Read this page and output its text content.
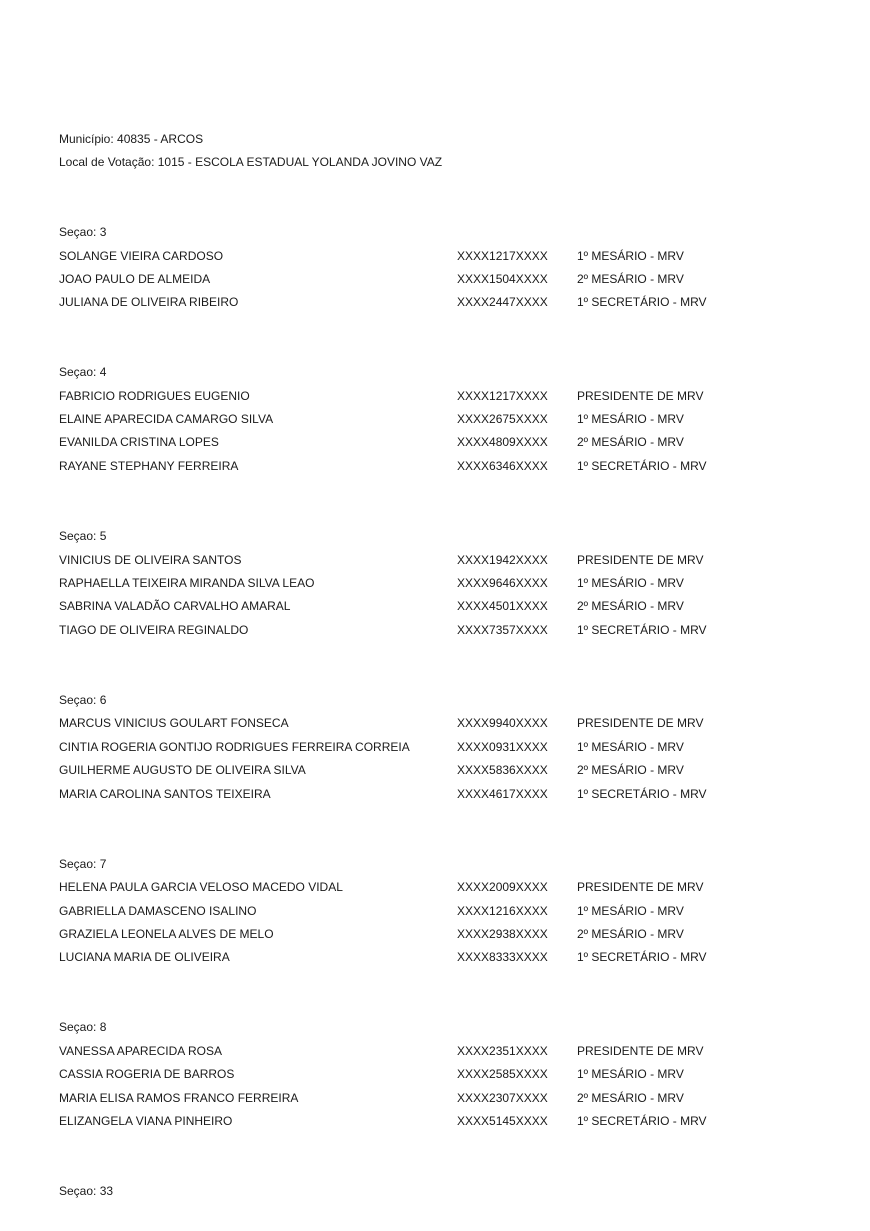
Município: 40835 - ARCOS
Local de Votação: 1015 - ESCOLA ESTADUAL YOLANDA JOVINO VAZ
Seçao: 3
SOLANGE VIEIRA CARDOSO	XXXX1217XXXX 1º MESÁRIO - MRV
JOAO PAULO DE ALMEIDA	XXXX1504XXXX 2º MESÁRIO - MRV
JULIANA DE OLIVEIRA RIBEIRO	XXXX2447XXXX 1º SECRETÁRIO - MRV
Seçao: 4
FABRICIO RODRIGUES EUGENIO	XXXX1217XXXX PRESIDENTE DE MRV
ELAINE APARECIDA CAMARGO SILVA	XXXX2675XXXX 1º MESÁRIO - MRV
EVANILDA CRISTINA LOPES	XXXX4809XXXX 2º MESÁRIO - MRV
RAYANE STEPHANY FERREIRA	XXXX6346XXXX 1º SECRETÁRIO - MRV
Seçao: 5
VINICIUS DE OLIVEIRA SANTOS	XXXX1942XXXX PRESIDENTE DE MRV
RAPHAELLA TEIXEIRA MIRANDA SILVA LEAO	XXXX9646XXXX 1º MESÁRIO - MRV
SABRINA VALADÃO CARVALHO AMARAL	XXXX4501XXXX 2º MESÁRIO - MRV
TIAGO DE OLIVEIRA REGINALDO	XXXX7357XXXX 1º SECRETÁRIO - MRV
Seçao: 6
MARCUS VINICIUS GOULART FONSECA	XXXX9940XXXX PRESIDENTE DE MRV
CINTIA ROGERIA GONTIJO RODRIGUES FERREIRA CORREIA	XXXX0931XXXX 1º MESÁRIO - MRV
GUILHERME AUGUSTO DE OLIVEIRA SILVA	XXXX5836XXXX 2º MESÁRIO - MRV
MARIA CAROLINA SANTOS TEIXEIRA	XXXX4617XXXX 1º SECRETÁRIO - MRV
Seçao: 7
HELENA PAULA GARCIA VELOSO MACEDO VIDAL	XXXX2009XXXX PRESIDENTE DE MRV
GABRIELLA DAMASCENO ISALINO	XXXX1216XXXX 1º MESÁRIO - MRV
GRAZIELA LEONELA ALVES DE MELO	XXXX2938XXXX 2º MESÁRIO - MRV
LUCIANA MARIA DE OLIVEIRA	XXXX8333XXXX 1º SECRETÁRIO - MRV
Seçao: 8
VANESSA APARECIDA ROSA	XXXX2351XXXX PRESIDENTE DE MRV
CASSIA ROGERIA DE BARROS	XXXX2585XXXX 1º MESÁRIO - MRV
MARIA ELISA RAMOS FRANCO FERREIRA	XXXX2307XXXX 2º MESÁRIO - MRV
ELIZANGELA VIANA PINHEIRO	XXXX5145XXXX 1º SECRETÁRIO - MRV
Seçao: 33
